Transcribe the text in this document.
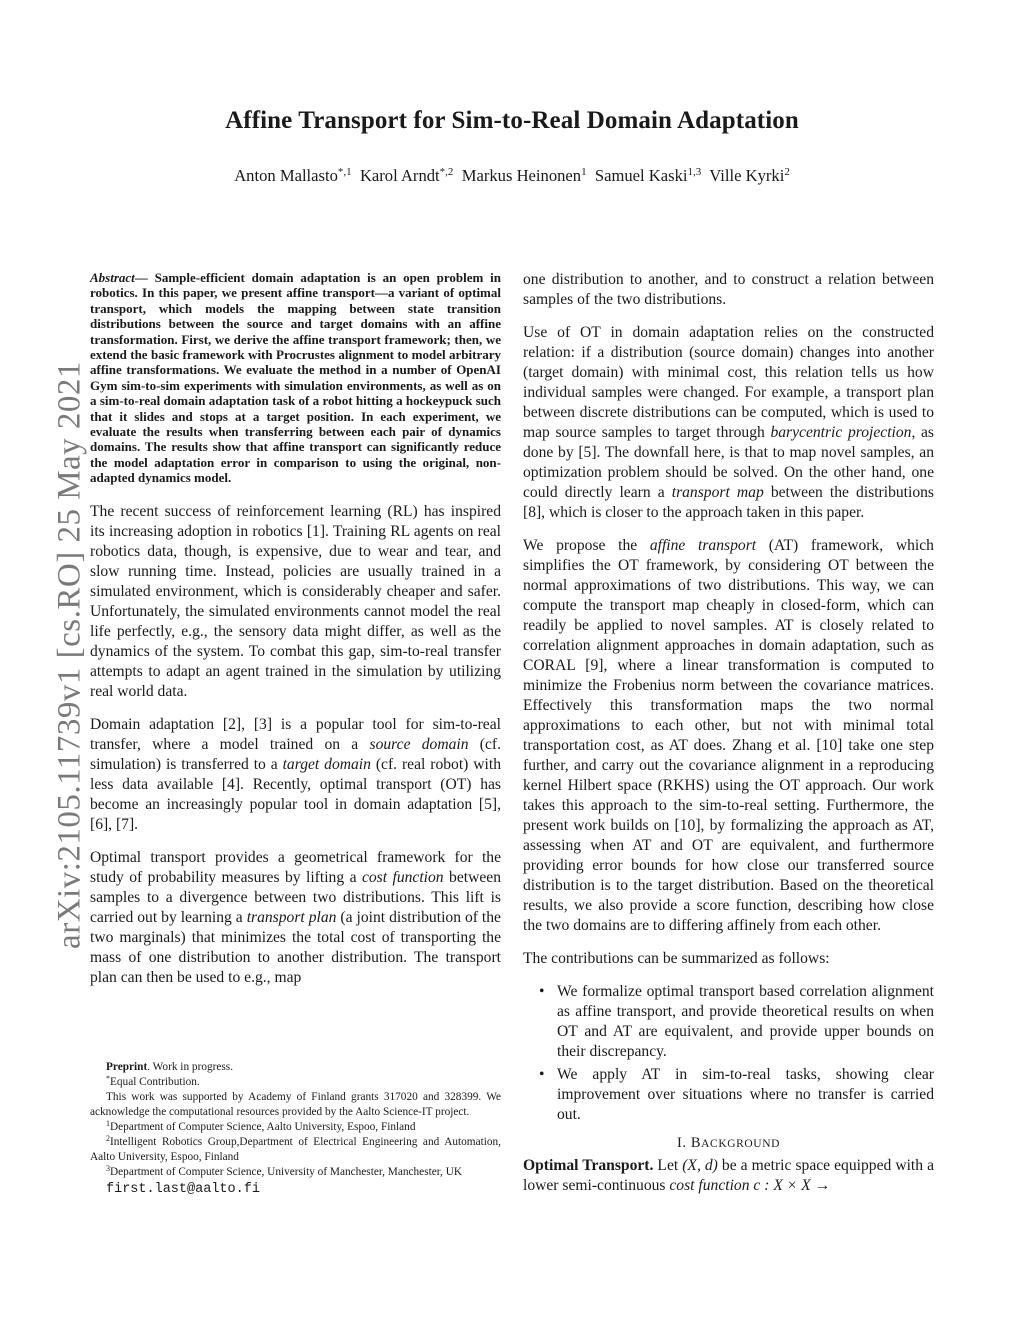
Affine Transport for Sim-to-Real Domain Adaptation
Anton Mallasto$^{*,1}$ Karol Arndt$^{*,2}$ Markus Heinonen$^1$ Samuel Kaski$^{1,3}$ Ville Kyrki$^2$
arXiv:2105.11739v1 [cs.RO] 25 May 2021

Abstract— Sample-efficient domain adaptation is an open problem in robotics. In this paper, we present affine transport—a variant of optimal transport, which models the mapping between state transition distributions between the source and target domains with an affine transformation. First, we derive the affine transport framework; then, we extend the basic framework with Procrustes alignment to model arbitrary affine transformations. We evaluate the method in a number of OpenAI Gym sim-to-sim experiments with simulation environments, as well as on a sim-to-real domain adaptation task of a robot hitting a hockeypuck such that it slides and stops at a target position. In each experiment, we evaluate the results when transferring between each pair of dynamics domains. The results show that affine transport can significantly reduce the model adaptation error in comparison to using the original, non-adapted dynamics model.

The recent success of reinforcement learning (RL) has inspired its increasing adoption in robotics [1]. Training RL agents on real robotics data, though, is expensive, due to wear and tear, and slow running time. Instead, policies are usually trained in a simulated environment, which is considerably cheaper and safer. Unfortunately, the simulated environments cannot model the real life perfectly, e.g., the sensory data might differ, as well as the dynamics of the system. To combat this gap, sim-to-real transfer attempts to adapt an agent trained in the simulation by utilizing real world data.

Domain adaptation [2], [3] is a popular tool for sim-to-real transfer, where a model trained on a source domain (cf. simulation) is transferred to a target domain (cf. real robot) with less data available [4]. Recently, optimal transport (OT) has become an increasingly popular tool in domain adaptation [5], [6], [7].

Optimal transport provides a geometrical framework for the study of probability measures by lifting a cost function between samples to a divergence between two distributions. This lift is carried out by learning a transport plan (a joint distribution of the two marginals) that minimizes the total cost of transporting the mass of one distribution to another distribution. The transport plan can then be used to e.g., map

Preprint. Work in progress.

*Equal Contribution.

This work was supported by Academy of Finland grants 317020 and 328399. We acknowledge the computational resources provided by the Aalto Science-IT project.

$^1$Department of Computer Science, Aalto University, Espoo, Finland

$^2$Intelligent Robotics Group,Department of Electrical Engineering and Automation, Aalto University, Espoo, Finland

$^3$Department of Computer Science, University of Manchester, Manchester, UK

first.last@aalto.fi

one distribution to another, and to construct a relation between samples of the two distributions.

Use of OT in domain adaptation relies on the constructed relation: if a distribution (source domain) changes into another (target domain) with minimal cost, this relation tells us how individual samples were changed. For example, a transport plan between discrete distributions can be computed, which is used to map source samples to target through barycentric projection, as done by [5]. The downfall here, is that to map novel samples, an optimization problem should be solved. On the other hand, one could directly learn a transport map between the distributions [8], which is closer to the approach taken in this paper.

We propose the affine transport (AT) framework, which simplifies the OT framework, by considering OT between the normal approximations of two distributions. This way, we can compute the transport map cheaply in closed-form, which can readily be applied to novel samples. AT is closely related to correlation alignment approaches in domain adaptation, such as CORAL [9], where a linear transformation is computed to minimize the Frobenius norm between the covariance matrices. Effectively this transformation maps the two normal approximations to each other, but not with minimal total transportation cost, as AT does. Zhang et al. [10] take one step further, and carry out the covariance alignment in a reproducing kernel Hilbert space (RKHS) using the OT approach. Our work takes this approach to the sim-to-real setting. Furthermore, the present work builds on [10], by formalizing the approach as AT, assessing when AT and OT are equivalent, and furthermore providing error bounds for how close our transferred source distribution is to the target distribution. Based on the theoretical results, we also provide a score function, describing how close the two domains are to differing affinely from each other.

The contributions can be summarized as follows:

• We formalize optimal transport based correlation alignment as affine transport, and provide theoretical results on when OT and AT are equivalent, and provide upper bounds on their discrepancy.
• We apply AT in sim-to-real tasks, showing clear improvement over situations where no transfer is carried out.
I. BACKGROUND

Optimal Transport. Let (X, d) be a metric space equipped with a lower semi-continuous cost function c : X × X →
